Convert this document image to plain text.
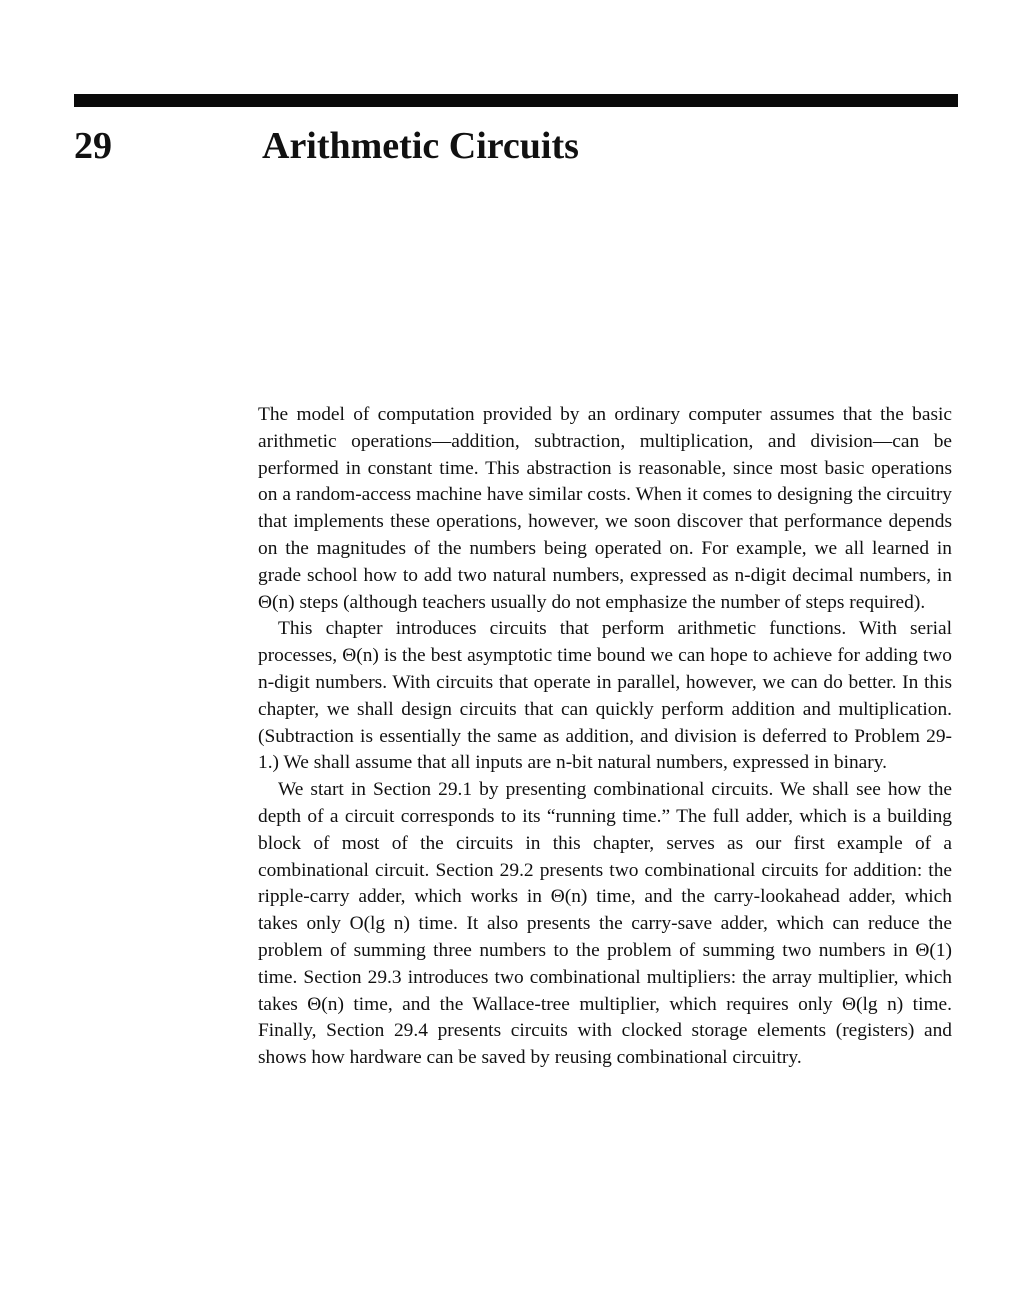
29	Arithmetic Circuits

The model of computation provided by an ordinary computer assumes that the basic arithmetic operations—addition, subtraction, multiplication, and division—can be performed in constant time. This abstraction is reasonable, since most basic operations on a random-access machine have similar costs. When it comes to designing the circuitry that implements these operations, however, we soon discover that performance depends on the magnitudes of the numbers being operated on. For example, we all learned in grade school how to add two natural numbers, expressed as n-digit decimal numbers, in Θ(n) steps (although teachers usually do not emphasize the number of steps required).

This chapter introduces circuits that perform arithmetic functions. With serial processes, Θ(n) is the best asymptotic time bound we can hope to achieve for adding two n-digit numbers. With circuits that operate in parallel, however, we can do better. In this chapter, we shall design circuits that can quickly perform addition and multiplication. (Subtraction is essentially the same as addition, and division is deferred to Problem 29-1.) We shall assume that all inputs are n-bit natural numbers, expressed in binary.

We start in Section 29.1 by presenting combinational circuits. We shall see how the depth of a circuit corresponds to its “running time.” The full adder, which is a building block of most of the circuits in this chapter, serves as our first example of a combinational circuit. Section 29.2 presents two combinational circuits for addition: the ripple-carry adder, which works in Θ(n) time, and the carry-lookahead adder, which takes only O(lg n) time. It also presents the carry-save adder, which can reduce the problem of summing three numbers to the problem of summing two numbers in Θ(1) time. Section 29.3 introduces two combinational multipliers: the array multiplier, which takes Θ(n) time, and the Wallace-tree multiplier, which requires only Θ(lg n) time. Finally, Section 29.4 presents circuits with clocked storage elements (registers) and shows how hardware can be saved by reusing combinational circuitry.
